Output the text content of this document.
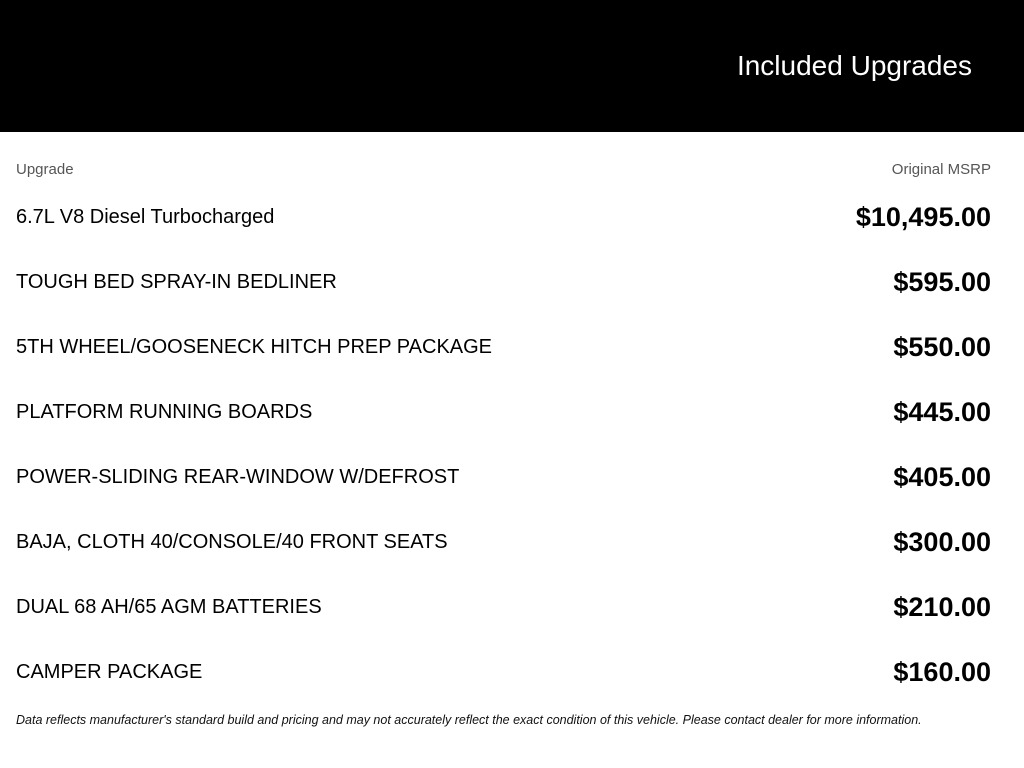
Included Upgrades
Upgrade	Original MSRP
6.7L V8 Diesel Turbocharged	$10,495.00
TOUGH BED SPRAY-IN BEDLINER	$595.00
5TH WHEEL/GOOSENECK HITCH PREP PACKAGE	$550.00
PLATFORM RUNNING BOARDS	$445.00
POWER-SLIDING REAR-WINDOW W/DEFROST	$405.00
BAJA, CLOTH 40/CONSOLE/40 FRONT SEATS	$300.00
DUAL 68 AH/65 AGM BATTERIES	$210.00
CAMPER PACKAGE	$160.00
Data reflects manufacturer's standard build and pricing and may not accurately reflect the exact condition of this vehicle. Please contact dealer for more information.
